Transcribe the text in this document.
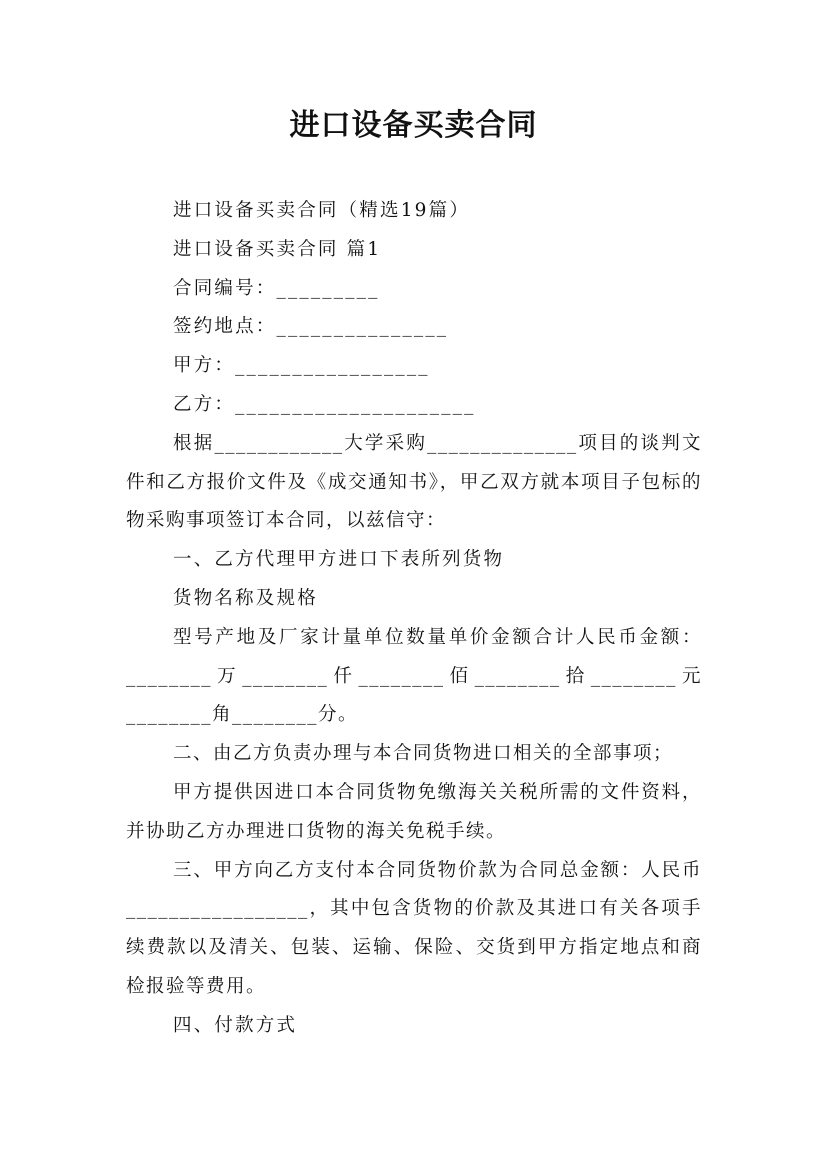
进口设备买卖合同

进口设备买卖合同（精选19篇）

进口设备买卖合同 篇1

合同编号：_________

签约地点：_______________

甲方：_________________

乙方：_____________________

根据____________大学采购______________项目的谈判文件和乙方报价文件及《成交通知书》，甲乙双方就本项目子包标的物采购事项签订本合同，以兹信守：

一、乙方代理甲方进口下表所列货物

货物名称及规格

型号产地及厂家计量单位数量单价金额合计人民币金额：________万________仟________佰________拾________元________角________分。

二、由乙方负责办理与本合同货物进口相关的全部事项；

甲方提供因进口本合同货物免缴海关关税所需的文件资料，并协助乙方办理进口货物的海关免税手续。

三、甲方向乙方支付本合同货物价款为合同总金额：人民币_________________，其中包含货物的价款及其进口有关各项手续费款以及清关、包装、运输、保险、交货到甲方指定地点和商检报验等费用。

四、付款方式
